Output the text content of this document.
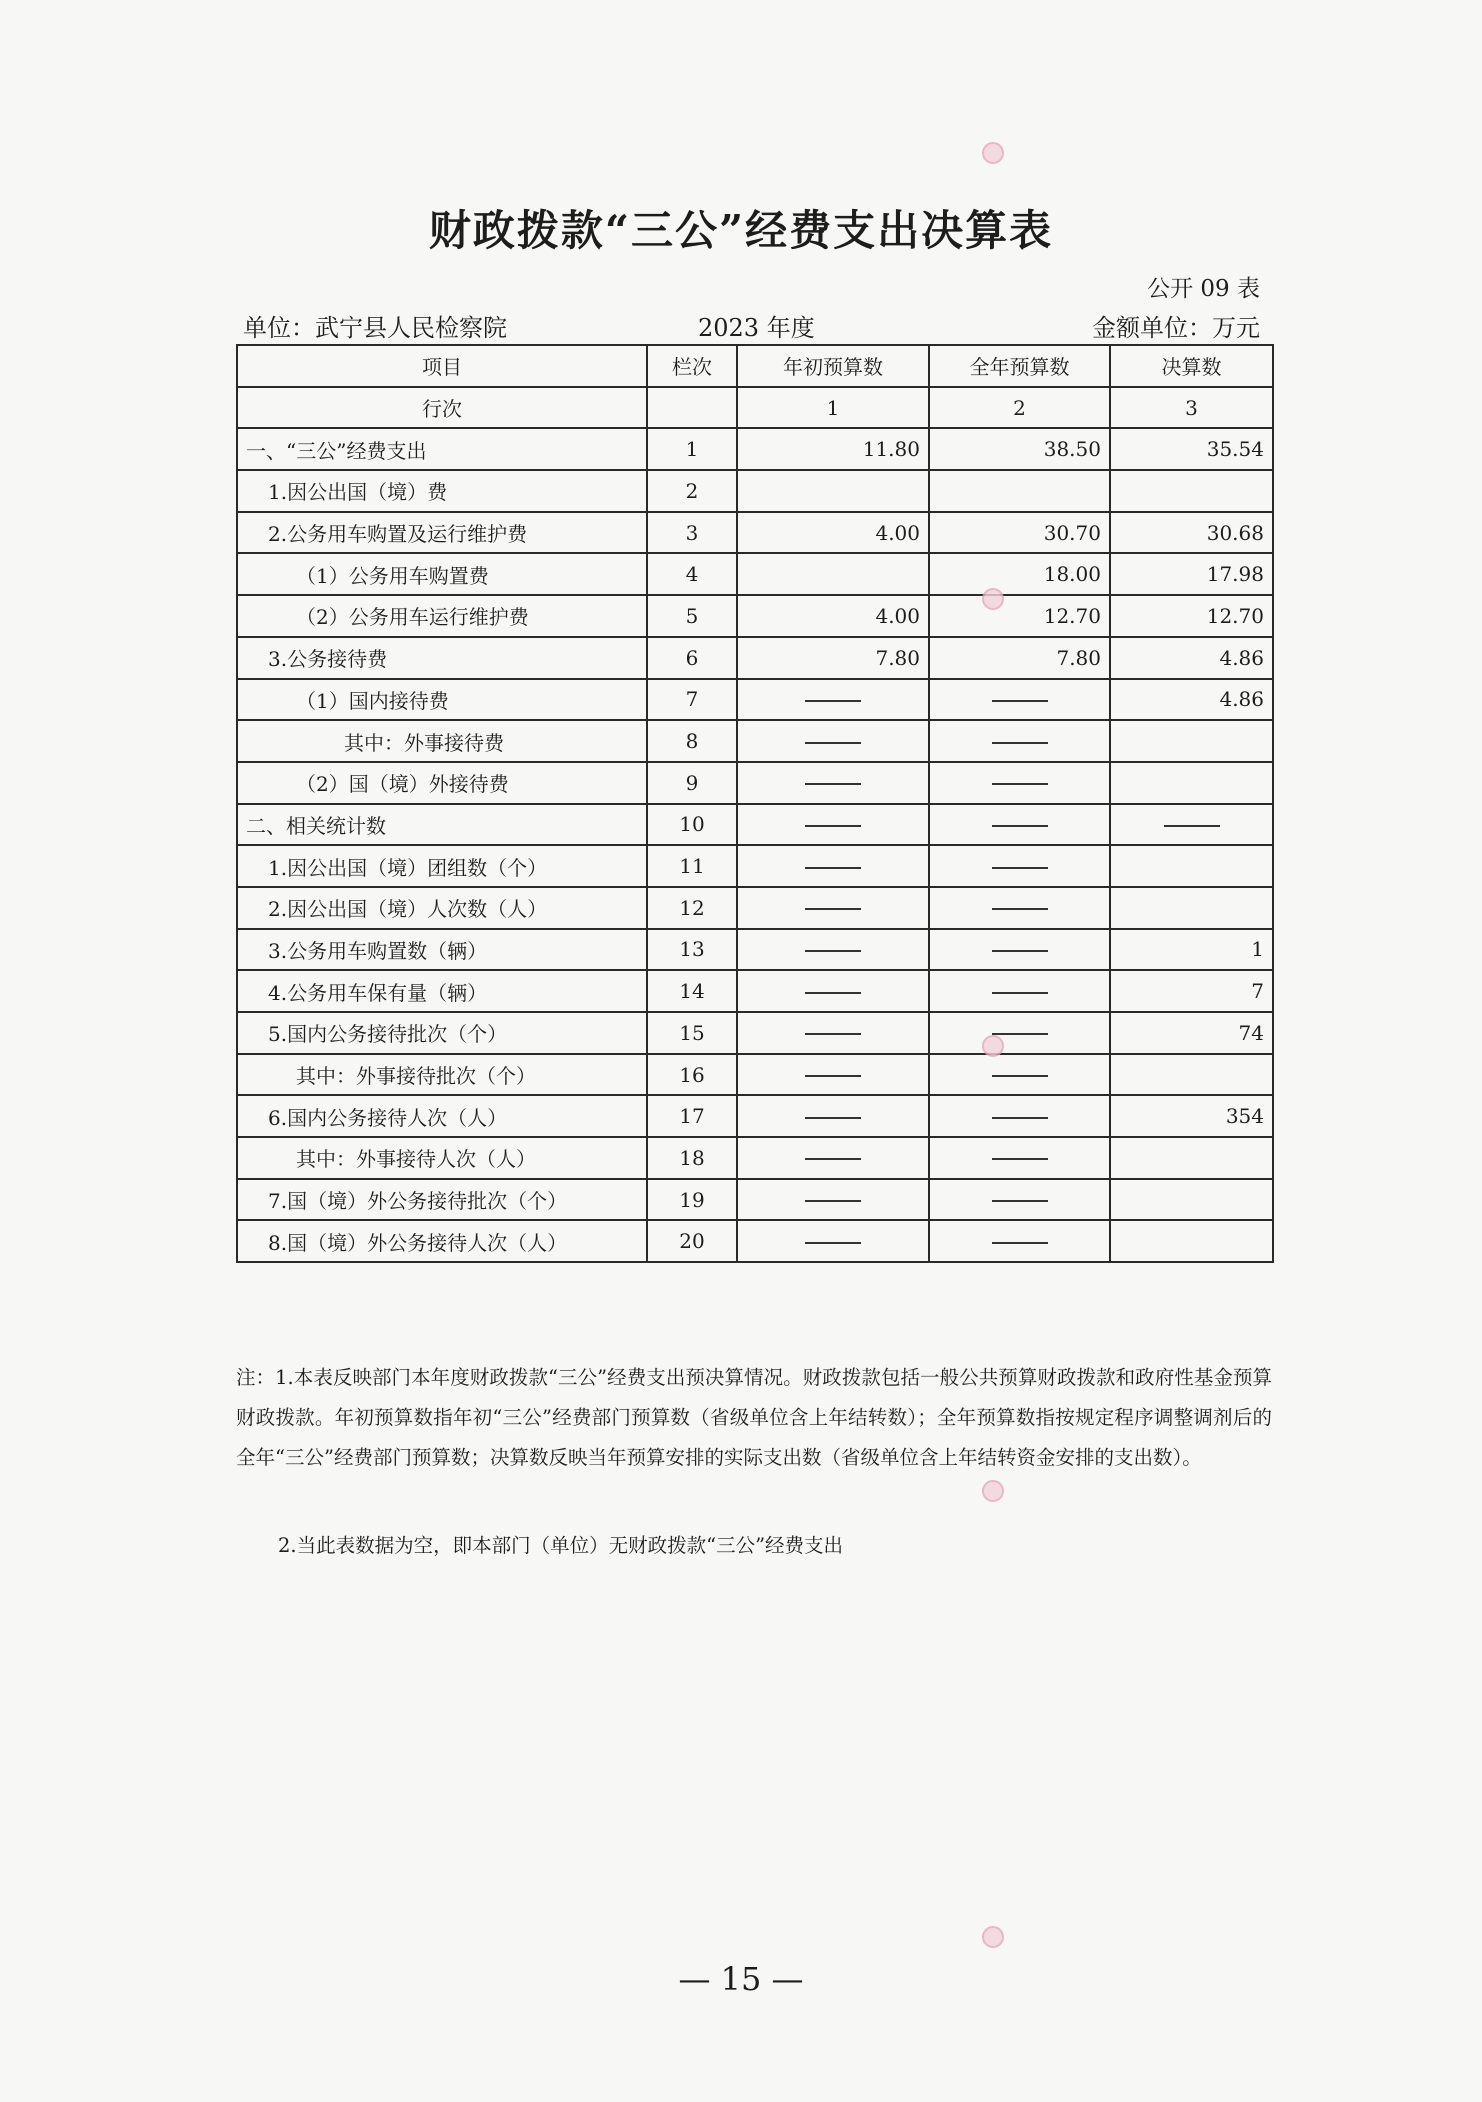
财政拨款“三公”经费支出决算表
公开 09 表
单位：武宁县人民检察院	2023 年度	金额单位：万元
项目	栏次	年初预算数	全年预算数	决算数
行次		1	2	3
一、“三公”经费支出	1	11.80	38.50	35.54
1.因公出国（境）费	2			
2.公务用车购置及运行维护费	3	4.00	30.70	30.68
（1）公务用车购置费	4		18.00	17.98
（2）公务用车运行维护费	5	4.00	12.70	12.70
3.公务接待费	6	7.80	7.80	4.86
（1）国内接待费	7			4.86
其中：外事接待费	8			
（2）国（境）外接待费	9			
二、相关统计数	10			
1.因公出国（境）团组数（个）	11			
2.因公出国（境）人次数（人）	12			
3.公务用车购置数（辆）	13			1
4.公务用车保有量（辆）	14			7
5.国内公务接待批次（个）	15			74
其中：外事接待批次（个）	16			
6.国内公务接待人次（人）	17			354
其中：外事接待人次（人）	18			
7.国（境）外公务接待批次（个）	19			
8.国（境）外公务接待人次（人）	20			

注：1.本表反映部门本年度财政拨款“三公”经费支出预决算情况。财政拨款包括一般公共预算财政拨款和政府性基金预算财政拨款。年初预算数指年初“三公”经费部门预算数（省级单位含上年结转数）；全年预算数指按规定程序调整调剂后的全年“三公”经费部门预算数；决算数反映当年预算安排的实际支出数（省级单位含上年结转资金安排的支出数）。

2.当此表数据为空，即本部门（单位）无财政拨款“三公”经费支出
— 15 —
